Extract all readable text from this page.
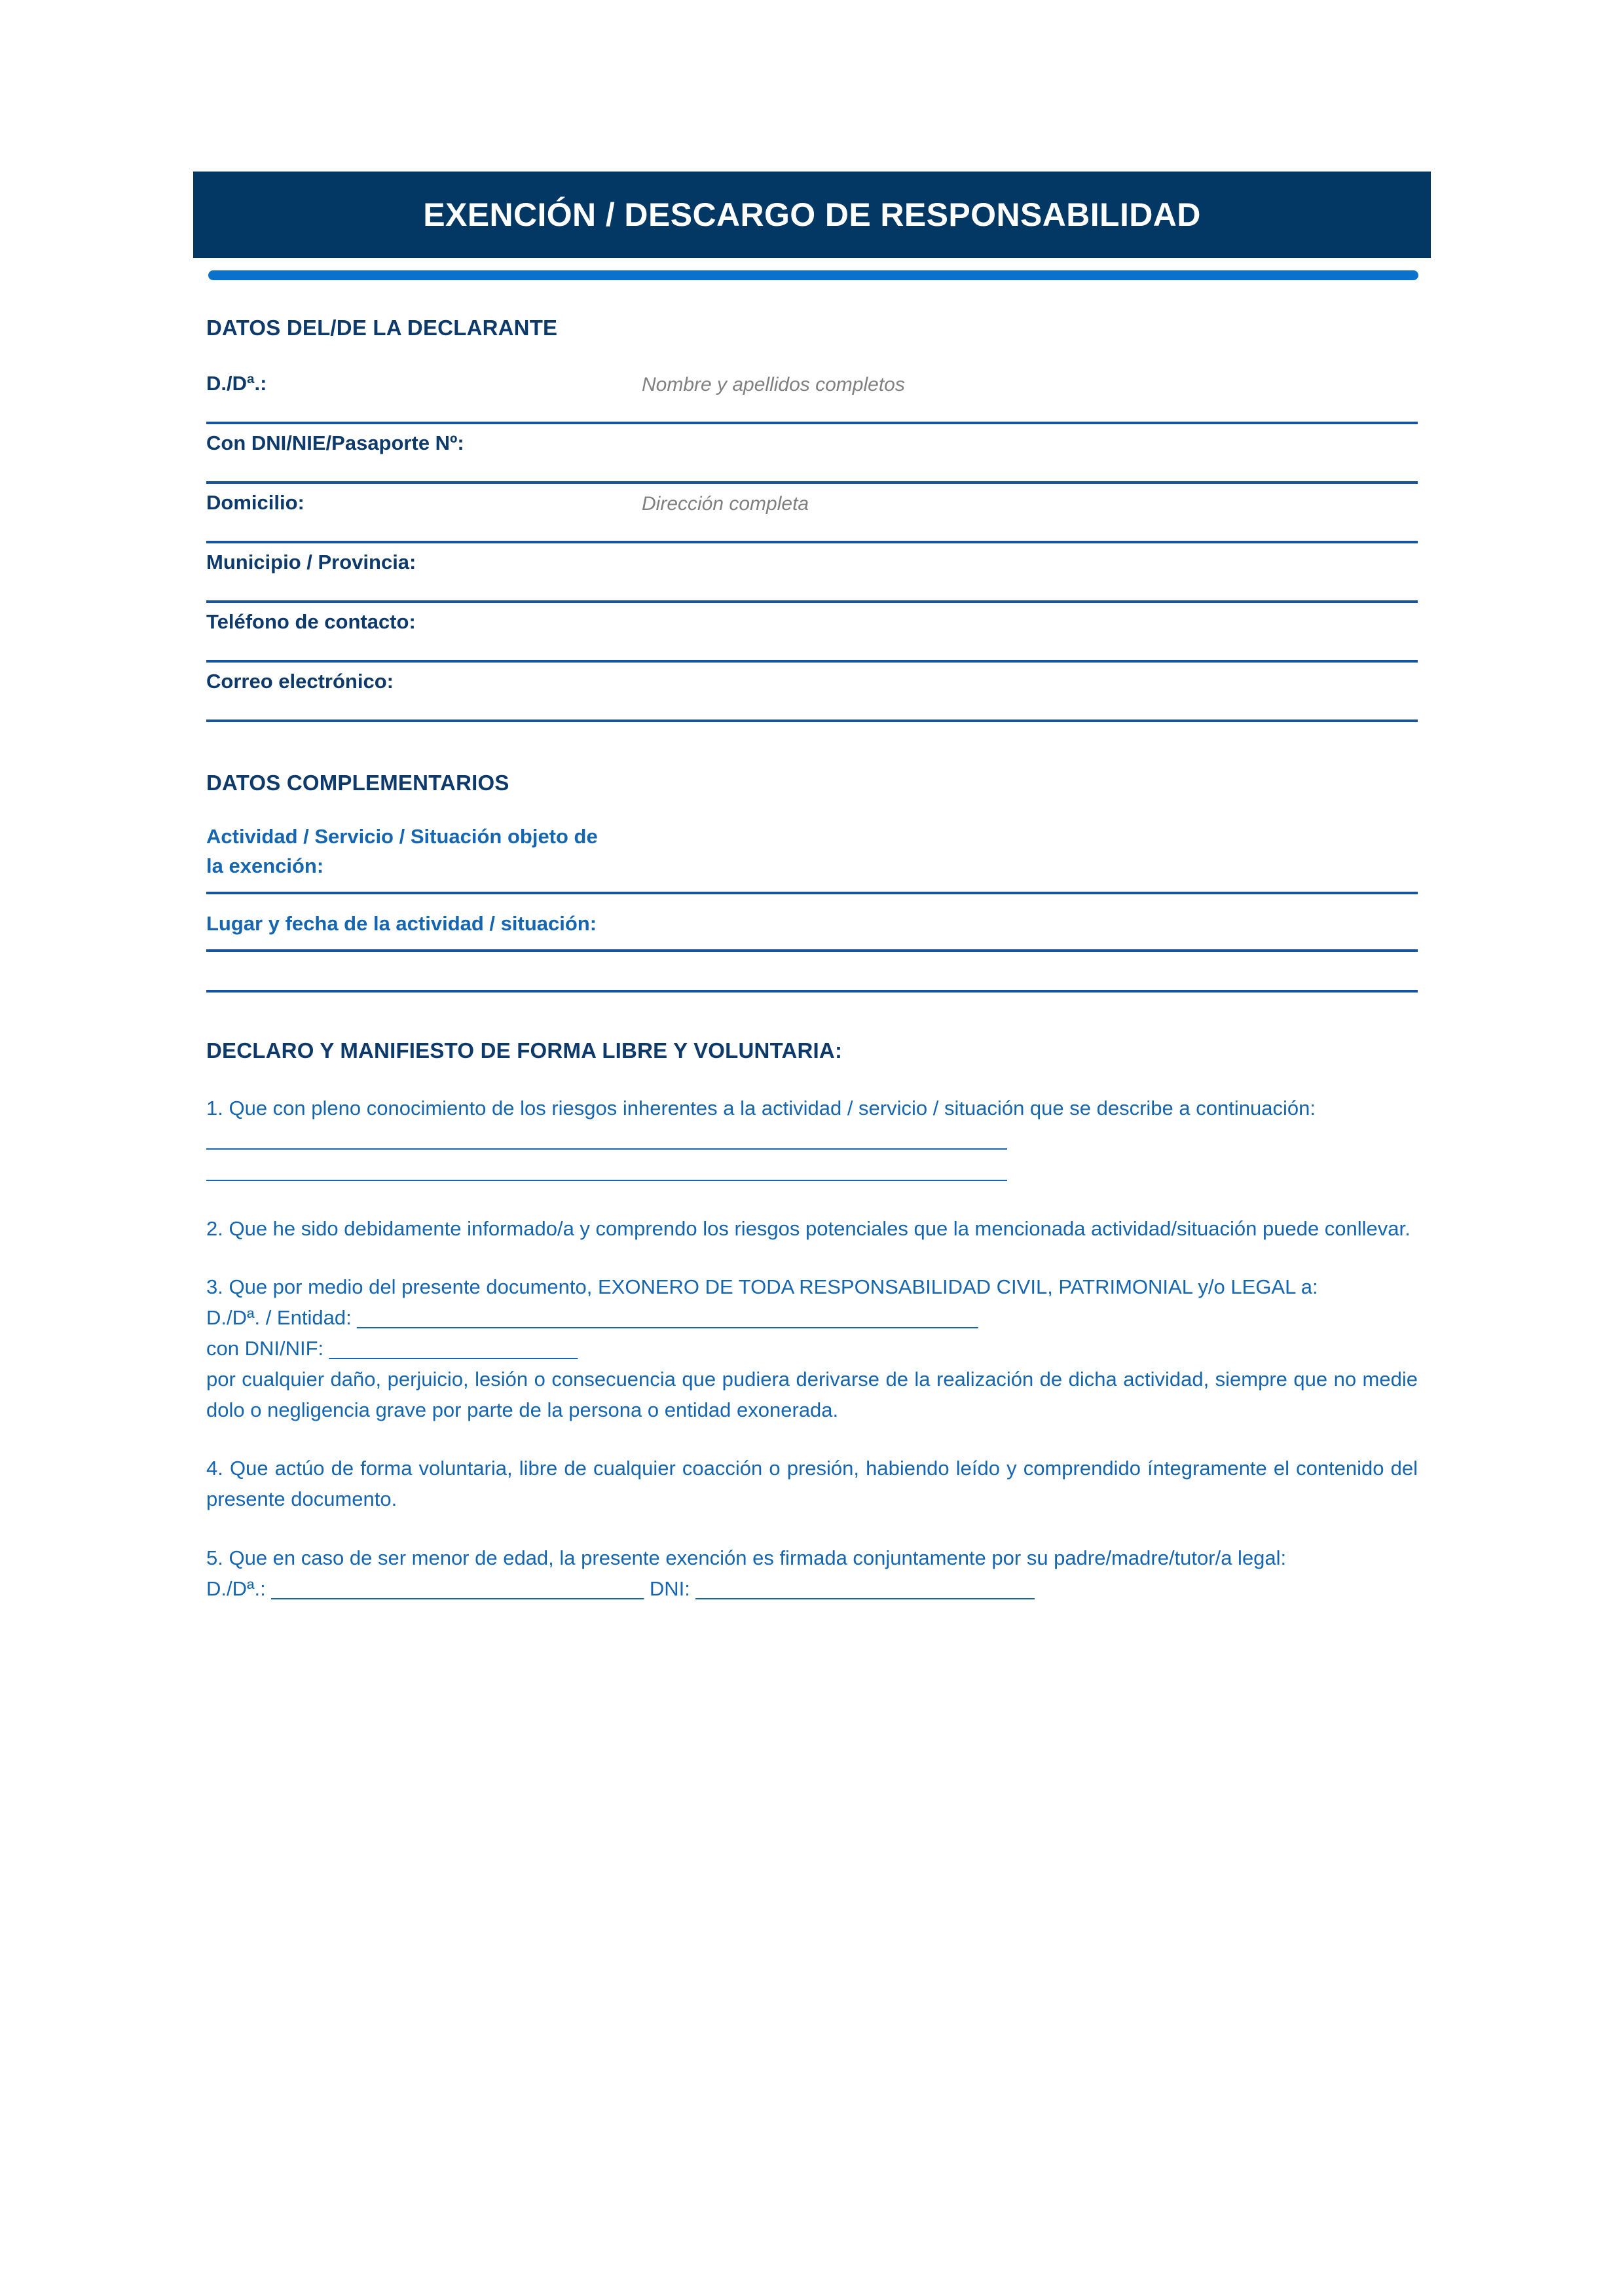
EXENCIÓN / DESCARGO DE RESPONSABILIDAD
DATOS DEL/DE LA DECLARANTE
D./Dª.:	Nombre y apellidos completos
Con DNI/NIE/Pasaporte Nº:
Domicilio:	Dirección completa
Municipio / Provincia:
Teléfono de contacto:
Correo electrónico:
DATOS COMPLEMENTARIOS

Actividad / Servicio / Situación objeto de

la exención:

Lugar y fecha de la actividad / situación:

DECLARO Y MANIFIESTO DE FORMA LIBRE Y VOLUNTARIA:

1. Que con pleno conocimiento de los riesgos inherentes a la actividad / servicio / situación que se describe a continuación:

_________________________________________________________________________

_________________________________________________________________________

2. Que he sido debidamente informado/a y comprendo los riesgos potenciales que la mencionada actividad/situación puede conllevar.

3. Que por medio del presente documento, EXONERO DE TODA RESPONSABILIDAD CIVIL, PATRIMONIAL y/o LEGAL a:

D./Dª. / Entidad: _______________________________________________________

con DNI/NIF: ______________________

por cualquier daño, perjuicio, lesión o consecuencia que pudiera derivarse de la realización de dicha actividad, siempre que no medie dolo o negligencia grave por parte de la persona o entidad exonerada.

4. Que actúo de forma voluntaria, libre de cualquier coacción o presión, habiendo leído y comprendido íntegramente el contenido del presente documento.

5. Que en caso de ser menor de edad, la presente exención es firmada conjuntamente por su padre/madre/tutor/a legal:

D./Dª.: _________________________________ DNI: ______________________________
